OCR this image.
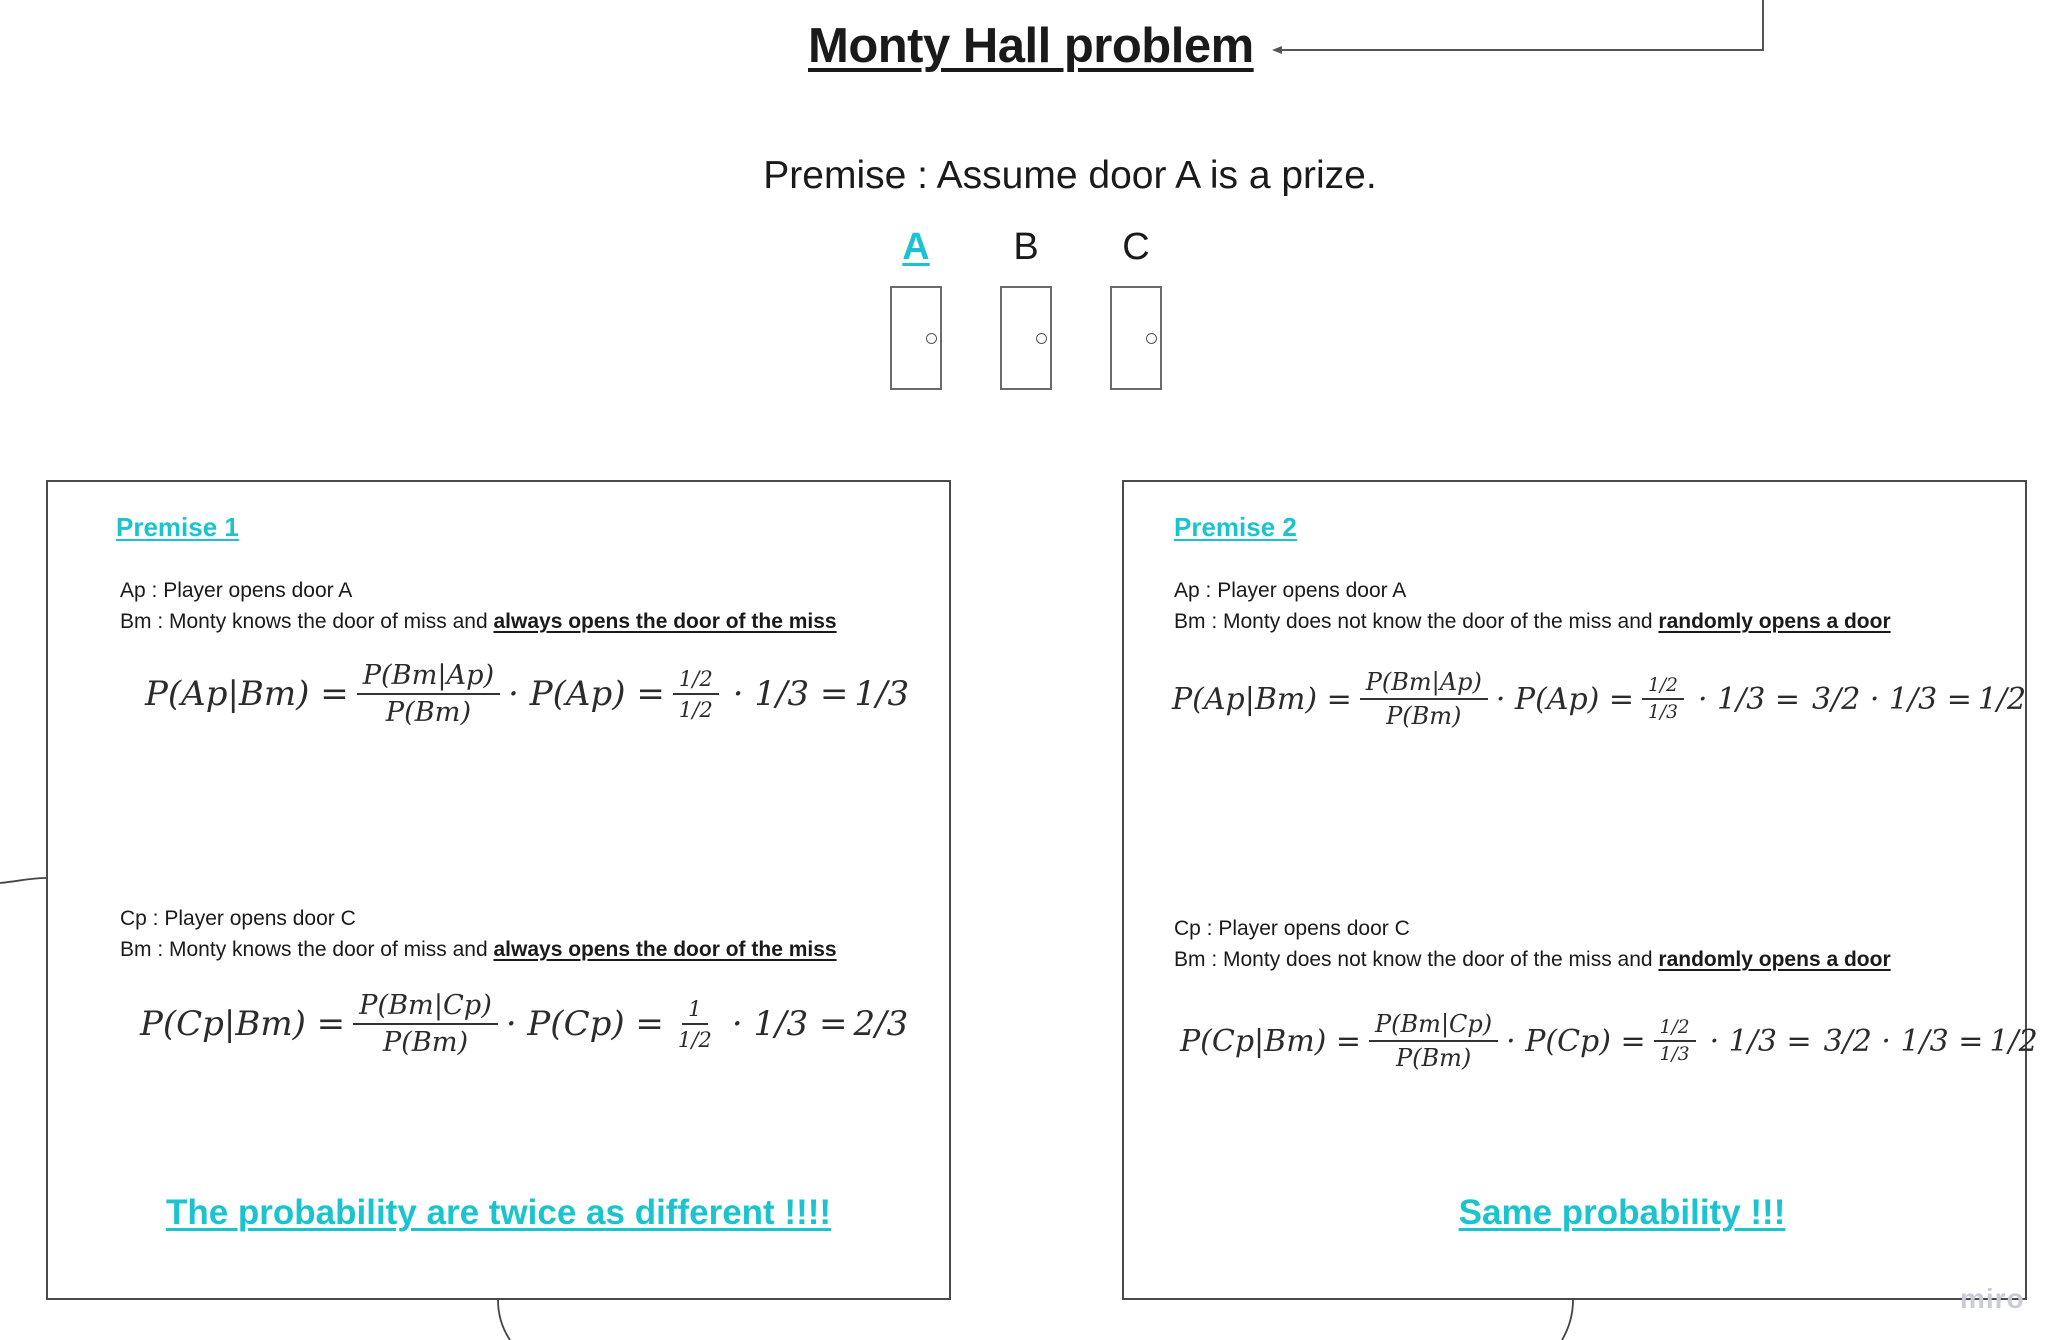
Monty Hall problem
Premise : Assume door A is a prize.
A	B	C
Premise 1
Ap : Player opens door A
Bm : Monty knows the door of miss and always opens the door of the miss
$P(Ap|Bm) = \frac{P(Bm|Ap)}{P(Bm)} \cdot P(Ap) = \frac{1/2}{1/2} \cdot 1/3 = 1/3$
Cp : Player opens door C
Bm : Monty knows the door of miss and always opens the door of the miss
$P(Cp|Bm) = \frac{P(Bm|Cp)}{P(Bm)} \cdot P(Cp) = \frac{1}{1/2} \cdot 1/3 = 2/3$
The probability are twice as different !!!!
Premise 2
Ap : Player opens door A
Bm : Monty does not know the door of the miss and randomly opens a door
$P(Ap|Bm) = \frac{P(Bm|Ap)}{P(Bm)} \cdot P(Ap) = \frac{1/2}{1/3} \cdot 1/3 = 3/2 \cdot 1/3 = 1/2$
Cp : Player opens door C
Bm : Monty does not know the door of the miss and randomly opens a door
$P(Cp|Bm) = \frac{P(Bm|Cp)}{P(Bm)} \cdot P(Cp) = \frac{1/2}{1/3} \cdot 1/3 = 3/2 \cdot 1/3 = 1/2$
Same probability !!!
miro
